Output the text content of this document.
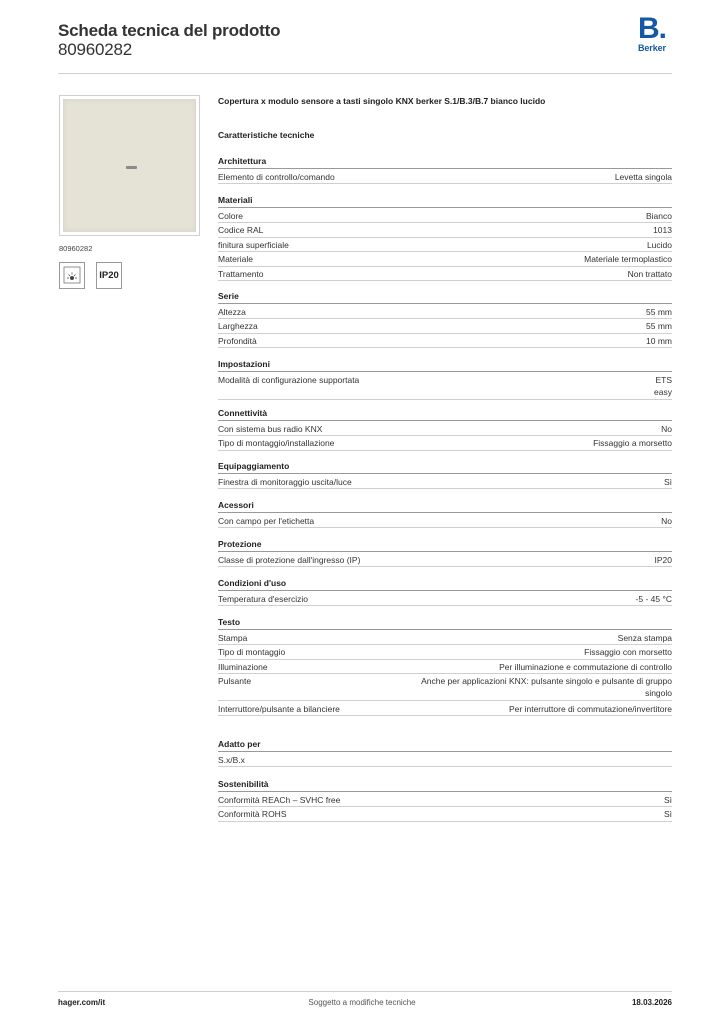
Scheda tecnica del prodotto
80960282
B.
Berker
80960282
IP20
Copertura x modulo sensore a tasti singolo KNX berker S.1/B.3/B.7 bianco lucido
Caratteristiche tecniche
Architettura
Elemento di controllo/comando	Levetta singola
Materiali
Colore	Bianco
Codice RAL	1013
finitura superficiale	Lucido
Materiale	Materiale termoplastico
Trattamento	Non trattato
Serie
Altezza	55 mm
Larghezza	55 mm
Profondità	10 mm
Impostazioni
Modalità di configurazione supportata	ETS
easy
Connettività
Con sistema bus radio KNX	No
Tipo di montaggio/installazione	Fissaggio a morsetto
Equipaggiamento
Finestra di monitoraggio uscita/luce	Sì
Acessori
Con campo per l'etichetta	No
Protezione
Classe di protezione dall'ingresso (IP)	IP20
Condizioni d'uso
Temperatura d'esercizio	-5 - 45 °C
Testo
Stampa	Senza stampa
Tipo di montaggio	Fissaggio con morsetto
Illuminazione	Per illuminazione e commutazione di controllo
Pulsante	Anche per applicazioni KNX: pulsante singolo e pulsante di gruppo
singolo
Interruttore/pulsante a bilanciere	Per interruttore di commutazione/invertitore
Adatto per
S.x/B.x
Sostenibilità
Conformità REACh – SVHC free	Sì
Conformità ROHS	Sì
hager.com/it	Soggetto a modifiche tecniche	18.03.2026
